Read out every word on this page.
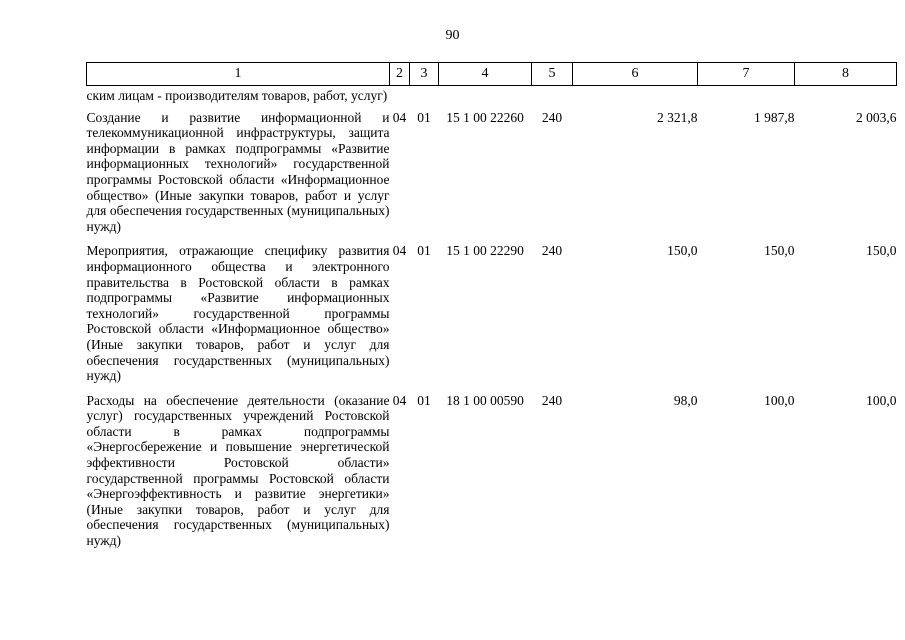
90
1	2	3	4	5	6	7	8
ским лицам - производителям товаров, работ, услуг)							
Создание и развитие информационной и телекоммуникационной инфраструктуры, защита информации в рамках подпрограммы «Развитие информационных технологий» государственной программы Ростовской области «Информационное общество» (Иные закупки товаров, работ и услуг для обеспечения государственных (муниципальных) нужд)	04	01	15 1 00 22260	240	2 321,8	1 987,8	2 003,6
Мероприятия, отражающие специфику развития информационного общества и электронного правительства в Ростовской области в рамках подпрограммы «Развитие информационных технологий» государственной программы Ростовской области «Информационное общество» (Иные закупки товаров, работ и услуг для обеспечения государственных (муниципальных) нужд)	04	01	15 1 00 22290	240	150,0	150,0	150,0
Расходы на обеспечение деятельности (оказание услуг) государственных учреждений Ростовской области в рамках подпрограммы «Энергосбережение и повышение энергетической эффективности Ростовской области» государственной программы Ростовской области «Энергоэффективность и развитие энергетики» (Иные закупки товаров, работ и услуг для обеспечения государственных (муниципальных) нужд)	04	01	18 1 00 00590	240	98,0	100,0	100,0
